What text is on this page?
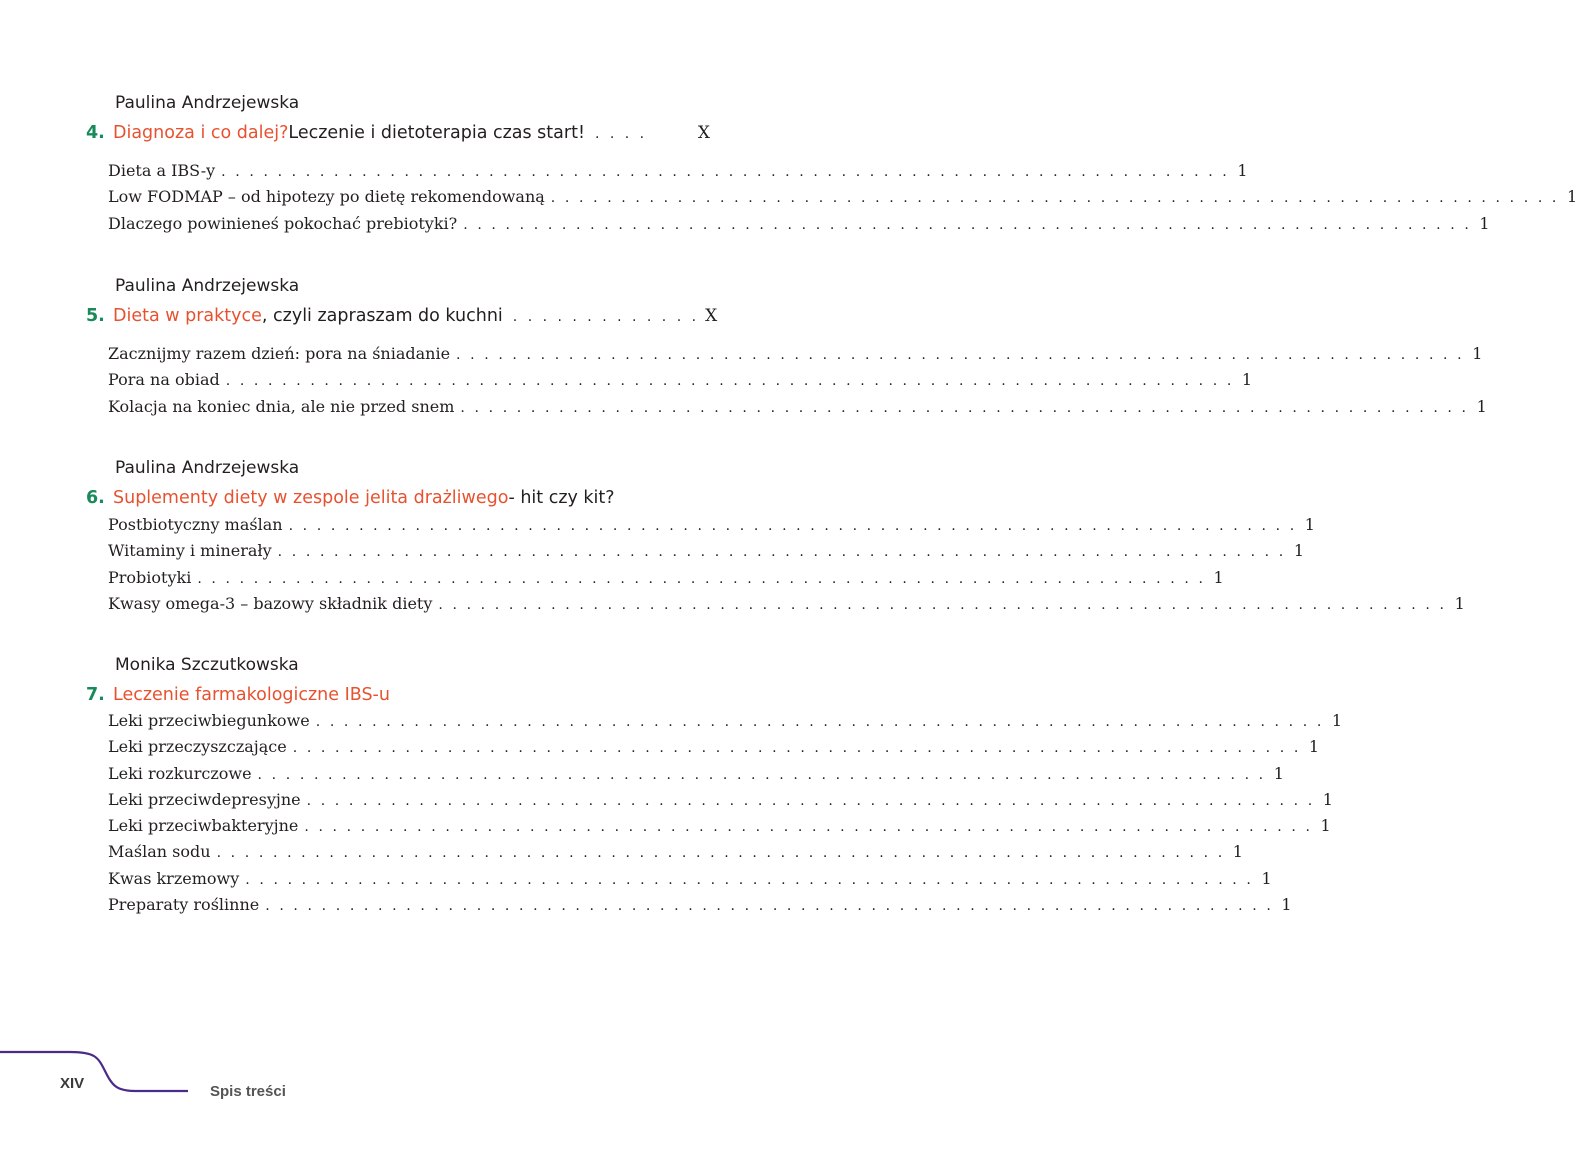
Paulina Andrzejewska
4. Diagnoza i co dalej? Leczenie i dietoterapia czas start! . . . .	X
Dieta a IBS-y . . . . . . . . . . . . . . . . . . . . . . . . . . . . . . . . . . . . . . . . . . . . . . . . . . . . . . . . . . . . . . . . . . . . . . . . 1
Low FODMAP – od hipotezy po dietę rekomendowaną . . . . . . . . . . . . . . . . . . . . . . . . . . . . . . . . . . . . . . . . . . . . . . . . . . . . . . . . . . . . . . . . . . . . . . . . 1
Dlaczego powinieneś pokochać prebiotyki? . . . . . . . . . . . . . . . . . . . . . . . . . . . . . . . . . . . . . . . . . . . . . . . . . . . . . . . . . . . . . . . . . . . . . . . . 1
Paulina Andrzejewska
5. Dieta w praktyce , czyli zapraszam do kuchni . . . . . . . . . . . . . X
Zacznijmy razem dzień: pora na śniadanie . . . . . . . . . . . . . . . . . . . . . . . . . . . . . . . . . . . . . . . . . . . . . . . . . . . . . . . . . . . . . . . . . . . . . . . . 1
Pora na obiad . . . . . . . . . . . . . . . . . . . . . . . . . . . . . . . . . . . . . . . . . . . . . . . . . . . . . . . . . . . . . . . . . . . . . . . . 1
Kolacja na koniec dnia, ale nie przed snem . . . . . . . . . . . . . . . . . . . . . . . . . . . . . . . . . . . . . . . . . . . . . . . . . . . . . . . . . . . . . . . . . . . . . . . . 1
Paulina Andrzejewska
6. Suplementy diety w zespole jelita drażliwego - hit czy kit?
Postbiotyczny maślan . . . . . . . . . . . . . . . . . . . . . . . . . . . . . . . . . . . . . . . . . . . . . . . . . . . . . . . . . . . . . . . . . . . . . . . . 1
Witaminy i minerały . . . . . . . . . . . . . . . . . . . . . . . . . . . . . . . . . . . . . . . . . . . . . . . . . . . . . . . . . . . . . . . . . . . . . . . . 1
Probiotyki . . . . . . . . . . . . . . . . . . . . . . . . . . . . . . . . . . . . . . . . . . . . . . . . . . . . . . . . . . . . . . . . . . . . . . . . 1
Kwasy omega-3 – bazowy składnik diety . . . . . . . . . . . . . . . . . . . . . . . . . . . . . . . . . . . . . . . . . . . . . . . . . . . . . . . . . . . . . . . . . . . . . . . . 1
Monika Szczutkowska
7. Leczenie farmakologiczne IBS-u
Leki przeciwbiegunkowe . . . . . . . . . . . . . . . . . . . . . . . . . . . . . . . . . . . . . . . . . . . . . . . . . . . . . . . . . . . . . . . . . . . . . . . . 1
Leki przeczyszczające . . . . . . . . . . . . . . . . . . . . . . . . . . . . . . . . . . . . . . . . . . . . . . . . . . . . . . . . . . . . . . . . . . . . . . . . 1
Leki rozkurczowe . . . . . . . . . . . . . . . . . . . . . . . . . . . . . . . . . . . . . . . . . . . . . . . . . . . . . . . . . . . . . . . . . . . . . . . . 1
Leki przeciwdepresyjne . . . . . . . . . . . . . . . . . . . . . . . . . . . . . . . . . . . . . . . . . . . . . . . . . . . . . . . . . . . . . . . . . . . . . . . . 1
Leki przeciwbakteryjne . . . . . . . . . . . . . . . . . . . . . . . . . . . . . . . . . . . . . . . . . . . . . . . . . . . . . . . . . . . . . . . . . . . . . . . . 1
Maślan sodu . . . . . . . . . . . . . . . . . . . . . . . . . . . . . . . . . . . . . . . . . . . . . . . . . . . . . . . . . . . . . . . . . . . . . . . . 1
Kwas krzemowy . . . . . . . . . . . . . . . . . . . . . . . . . . . . . . . . . . . . . . . . . . . . . . . . . . . . . . . . . . . . . . . . . . . . . . . . 1
Preparaty roślinne . . . . . . . . . . . . . . . . . . . . . . . . . . . . . . . . . . . . . . . . . . . . . . . . . . . . . . . . . . . . . . . . . . . . . . . . 1
XIV	Spis treści
